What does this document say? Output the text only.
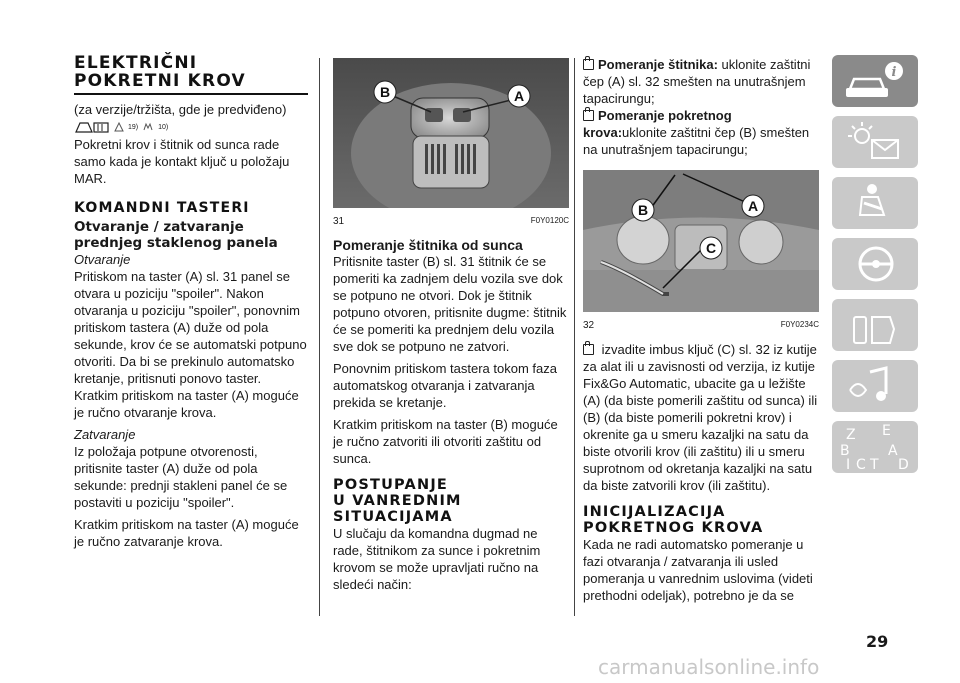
ELEKTRIČNI
POKRETNI KROV

(za verzije/tržišta, gde je predviđeno)

19)	10)

Pokretni krov i štitnik od sunca rade samo kada je kontakt ključ u položaju MAR.

KOMANDNI TASTERI
Otvaranje / zatvaranje prednjeg staklenog panela

Otvaranje

Pritiskom na taster (A) sl. 31 panel se otvara u poziciju "spoiler". Nakon otvaranja u poziciju "spoiler", ponovnim pritiskom tastera (A) duže od pola sekunde, krov će se automatski potpuno otvoriti. Da bi se prekinulo automatsko kretanje, pritisnuti ponovo taster. Kratkim pritiskom na taster (A) moguće je ručno otvaranje krova.

Zatvaranje

Iz položaja potpune otvorenosti, pritisnite taster (A) duže od pola sekunde: prednji stakleni panel će se postaviti u poziciju "spoiler".

Kratkim pritiskom na taster (A) moguće je ručno zatvaranje krova.

B	A
31	F0Y0120C
Pomeranje štitnika od sunca

Pritisnite taster (B) sl. 31 štitnik će se pomeriti ka zadnjem delu vozila sve dok se potpuno ne otvori. Dok je štitnik potpuno otvoren, pritisnite dugme: štitnik će se pomeriti ka prednjem delu vozila sve dok se potpuno ne zatvori.

Ponovnim pritiskom tastera tokom faza automatskog otvaranja i zatvaranja prekida se kretanje.

Kratkim pritiskom na taster (B) moguće je ručno zatvoriti ili otvoriti zaštitu od sunca.

POSTUPANJE
U VANREDNIM
SITUACIJAMA

U slučaju da komandna dugmad ne rade, štitnikom za sunce i pokretnim krovom se može upravljati ručno na sledeći način:

Pomeranje štitnika: uklonite zaštitni čep (A) sl. 32 smešten na unutrašnjem tapacirungu;

Pomeranje pokretnog krova:uklonite zaštitni čep (B) smešten na unutrašnjem tapacirungu;

B	A
C
32	F0Y0234C

izvadite imbus ključ (C) sl. 32 iz kutije za alat ili u zavisnosti od verzija, iz kutije Fix&Go Automatic, ubacite ga u ležište (A) (da biste pomerili zaštitu od sunca) ili (B) (da biste pomerili pokretni krov) i okrenite ga u smeru kazaljki na satu da biste otvorili krov (ili zaštitu) ili u smeru suprotnom od okretanja kazaljki na satu da biste zatvorili krov (ili zaštitu).

INICIJALIZACIJA
POKRETNOG KROVA

Kada ne radi automatsko pomeranje u fazi otvaranja / zatvaranja ili usled pomeranja u vanrednim uslovima (videti prethodni odeljak), potrebno je da se

i
Z E
B	A
C D
T
I
29
carmanualsonline.info
